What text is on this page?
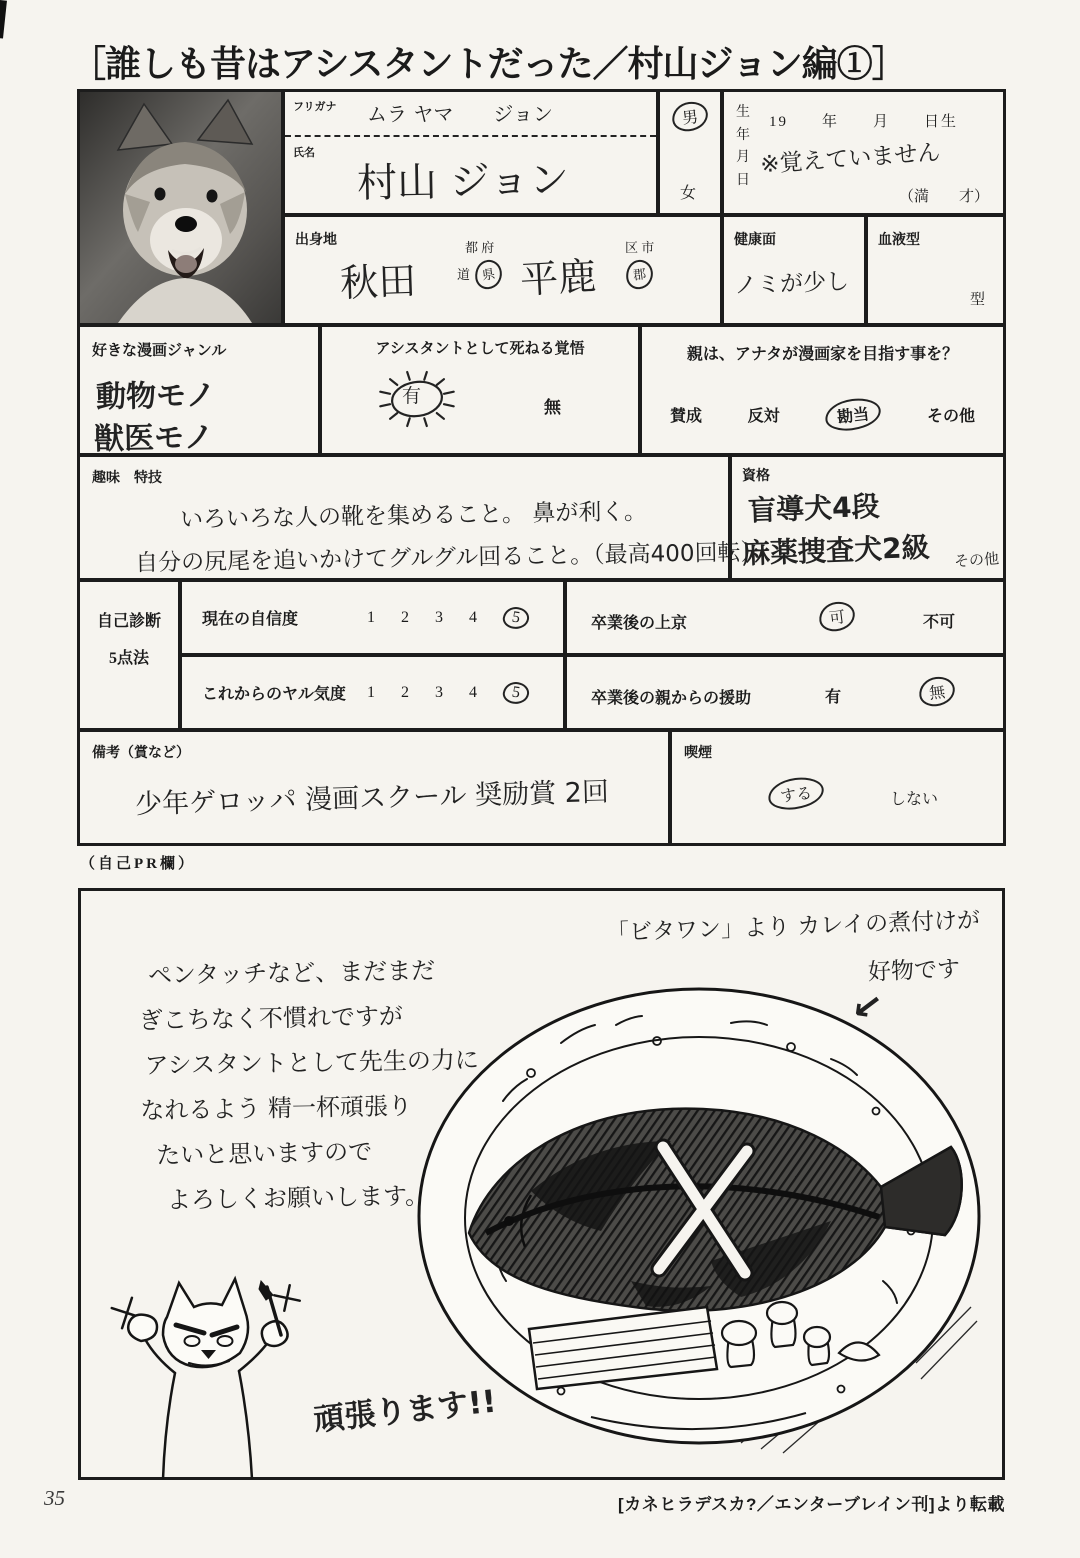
［誰しも昔はアシスタントだった／村山ジョン編①］
フリガナ ムラ ヤマ　　ジョン
氏名
村山 ジョン
男
女
生年月日
19　　年　　月　　日生
※覚えていません
（満　　才）
出身地
秋田
都 府
道 県 平鹿
区 市
郡
健康面
ノミが少し
血液型
型
好きな漫画ジャンル
動物モノ
獣医モノ
アシスタントとして死ねる覚悟
有
無
親は、アナタが漫画家を目指す事を？
賛成	反対	勘当	その他
趣味　特技
いろいろな人の靴を集めること。 鼻が利く。
自分の尻尾を追いかけてグルグル回ること。（最高400回転）
資格
盲導犬4段
麻薬捜査犬2級 その他
自己診断
5点法
現在の自信度	1 2 3 4	5	卒業後の上京	可	不可
これからのヤル気度 1 2 3 4	5	卒業後の親からの援助	有	無
備考（賞など）
少年ゲロッパ 漫画スクール 奨励賞 2回
喫煙
する	しない
（自己PR欄）
「ビタワン」より カレイの煮付けが
好物です
↙
ペンタッチなど、まだまだ
ぎこちなく不慣れですが
アシスタントとして先生の力に
なれるよう 精一杯頑張り
たいと思いますので
よろしくお願いします。
頑張ります!!
35	[カネヒラデスカ?／エンターブレイン刊]より転載
